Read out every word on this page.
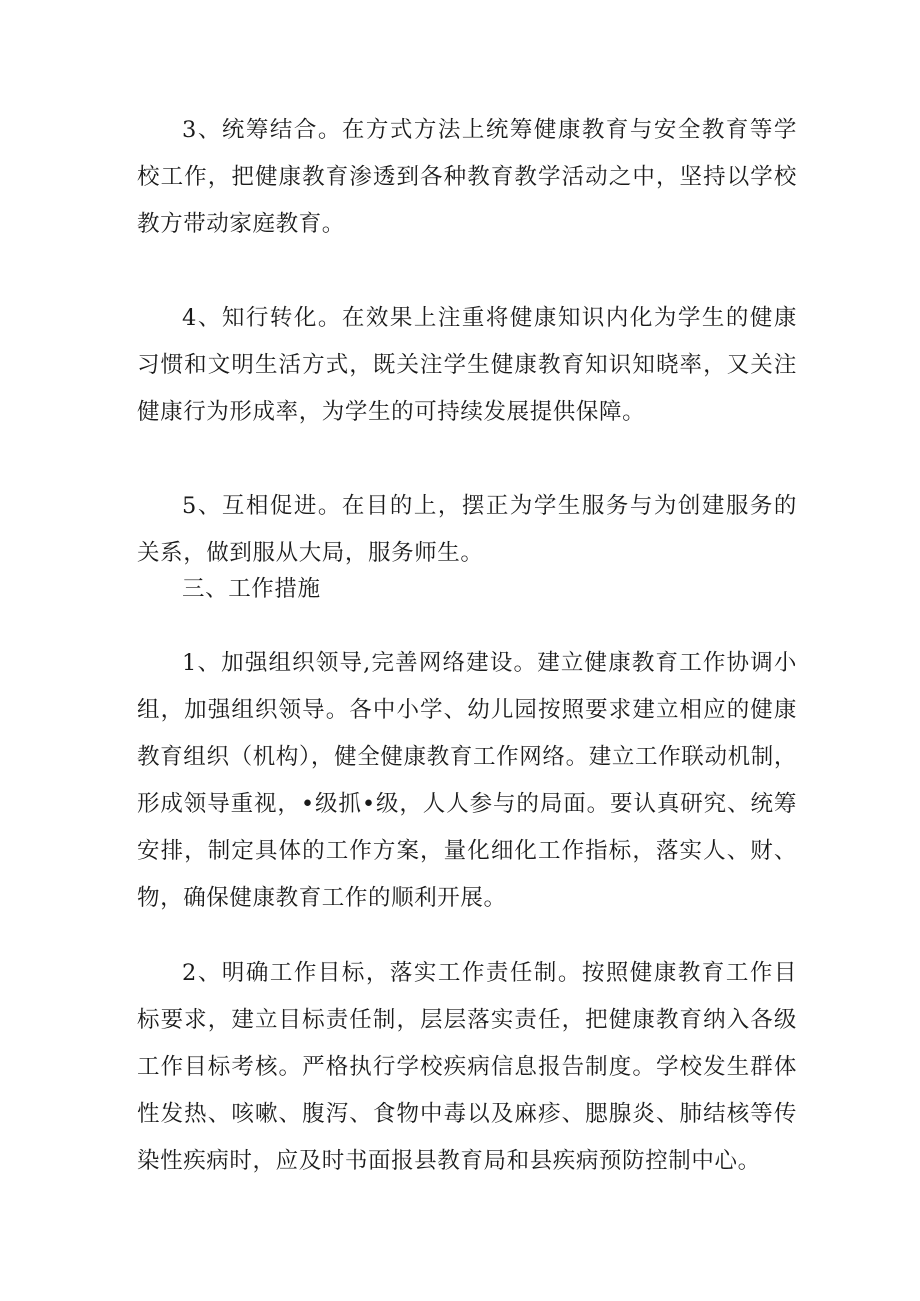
3、统筹结合。在方式方法上统筹健康教育与安全教育等学校工作，把健康教育渗透到各种教育教学活动之中，坚持以学校教方带动家庭教育。

4、知行转化。在效果上注重将健康知识内化为学生的健康习惯和文明生活方式，既关注学生健康教育知识知晓率，又关注健康行为形成率，为学生的可持续发展提供保障。

5、互相促进。在目的上，摆正为学生服务与为创建服务的关系，做到服从大局，服务师生。

三、工作措施

1、加强组织领导,完善网络建设。建立健康教育工作协调小组，加强组织领导。各中小学、幼儿园按照要求建立相应的健康教育组织（机构），健全健康教育工作网络。建立工作联动机制，形成领导重视，•级抓•级，人人参与的局面。要认真研究、统筹安排，制定具体的工作方案，量化细化工作指标，落实人、财、物，确保健康教育工作的顺利开展。

2、明确工作目标，落实工作责任制。按照健康教育工作目标要求，建立目标责任制，层层落实责任，把健康教育纳入各级工作目标考核。严格执行学校疾病信息报告制度。学校发生群体性发热、咳嗽、腹泻、食物中毒以及麻疹、腮腺炎、肺结核等传染性疾病时，应及时书面报县教育局和县疾病预防控制中心。
